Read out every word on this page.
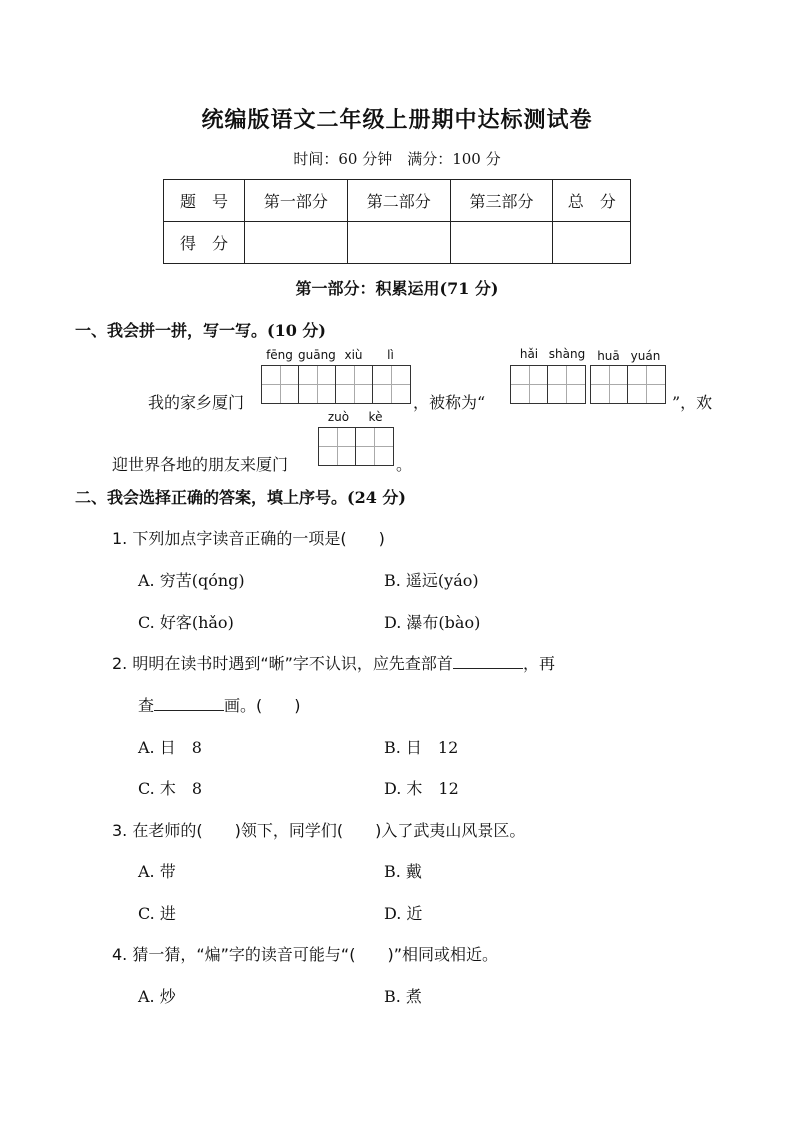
统编版语文二年级上册期中达标测试卷
时间：60 分钟　满分：100 分
题　号	第一部分	第二部分	第三部分	总　分
得　分				
第一部分：积累运用(71 分)
一、我会拼一拼，写一写。(10 分)
fēng guāng xiù	lì
我的家乡厦门	，被称为“
hǎi shàng huā yuán
”，欢
zuò	kè
迎世界各地的朋友来厦门	。
二、我会选择正确的答案，填上序号。(24 分)
1. 下列加点字读音正确的一项是(　　)
A. 穷苦(qóng)	B. 遥远(yáo)
C. 好客(hǎo)	D. 瀑布(bào)
2. 明明在读书时遇到“晰”字不认识，应先查部首	，再
查	画。(　　)
A. 日　8	B. 日　12
C. 木　8	D. 木　12
3. 在老师的(　　)领下，同学们(　　)入了武夷山风景区。
A. 带	B. 戴
C. 进	D. 近
4. 猜一猜，“煸”字的读音可能与“(　　)”相同或相近。
A. 炒	B. 煮
